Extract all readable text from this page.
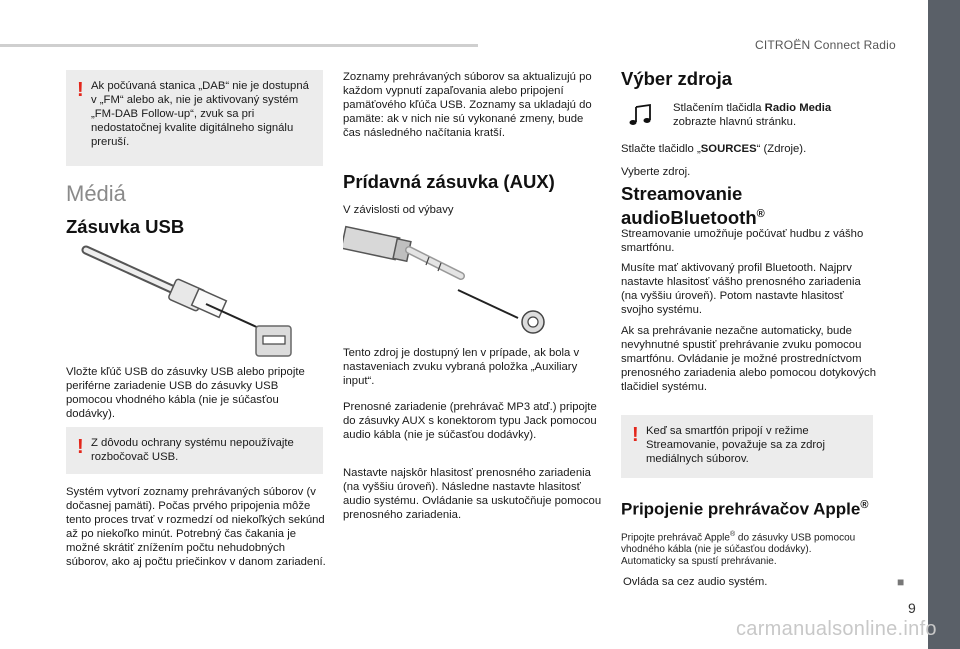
CITROËN Connect Radio
■
9
carmanualsonline.info
! Ak počúvaná stanica „DAB“ nie je dostupná v „FM“ alebo ak, nie je aktivovaný systém „FM-DAB Follow-up“, zvuk sa pri nedostatočnej kvalite digitálneho signálu preruší.
Médiá
Zásuvka USB
Vložte kľúč USB do zásuvky USB alebo pripojte periférne zariadenie USB do zásuvky USB pomocou vhodného kábla (nie je súčasťou dodávky).
! Z dôvodu ochrany systému nepoužívajte rozbočovač USB.
Systém vytvorí zoznamy prehrávaných súborov (v dočasnej pamäti). Počas prvého pripojenia môže tento proces trvať v rozmedzí od niekoľkých sekúnd až po niekoľko minút. Potrebný čas čakania je možné skrátiť znížením počtu nehudobných súborov, ako aj počtu priečinkov v danom zariadení.
Zoznamy prehrávaných súborov sa aktualizujú po každom vypnutí zapaľovania alebo pripojení pamäťového kľúča USB. Zoznamy sa ukladajú do pamäte: ak v nich nie sú vykonané zmeny, bude čas následného načítania kratší.
Prídavná zásuvka (AUX)
V závislosti od výbavy
Tento zdroj je dostupný len v prípade, ak bola v nastaveniach zvuku vybraná položka „Auxiliary input“.
Prenosné zariadenie (prehrávač MP3 atď.) pripojte do zásuvky AUX s konektorom typu Jack pomocou audio kábla (nie je súčasťou dodávky).
Nastavte najskôr hlasitosť prenosného zariadenia (na vyššiu úroveň). Následne nastavte hlasitosť audio systému. Ovládanie sa uskutočňuje pomocou prenosného zariadenia.
Výber zdroja
Stlačením tlačidla Radio Media zobrazte hlavnú stránku.
Stlačte tlačidlo „SOURCES“ (Zdroje).
Vyberte zdroj.
Streamovanie
audioBluetooth®
Streamovanie umožňuje počúvať hudbu z vášho smartfónu.
Musíte mať aktivovaný profil Bluetooth. Najprv nastavte hlasitosť vášho prenosného zariadenia (na vyššiu úroveň). Potom nastavte hlasitosť svojho systému.
Ak sa prehrávanie nezačne automaticky, bude nevyhnutné spustiť prehrávanie zvuku pomocou smartfónu. Ovládanie je možné prostredníctvom prenosného zariadenia alebo pomocou dotykových tlačidiel systému.
! Keď sa smartfón pripojí v režime Streamovanie, považuje sa za zdroj mediálnych súborov.
Pripojenie prehrávačov Apple®
Pripojte prehrávač Apple® do zásuvky USB pomocou vhodného kábla (nie je súčasťou dodávky). Automaticky sa spustí prehrávanie.
Ovláda sa cez audio systém.
